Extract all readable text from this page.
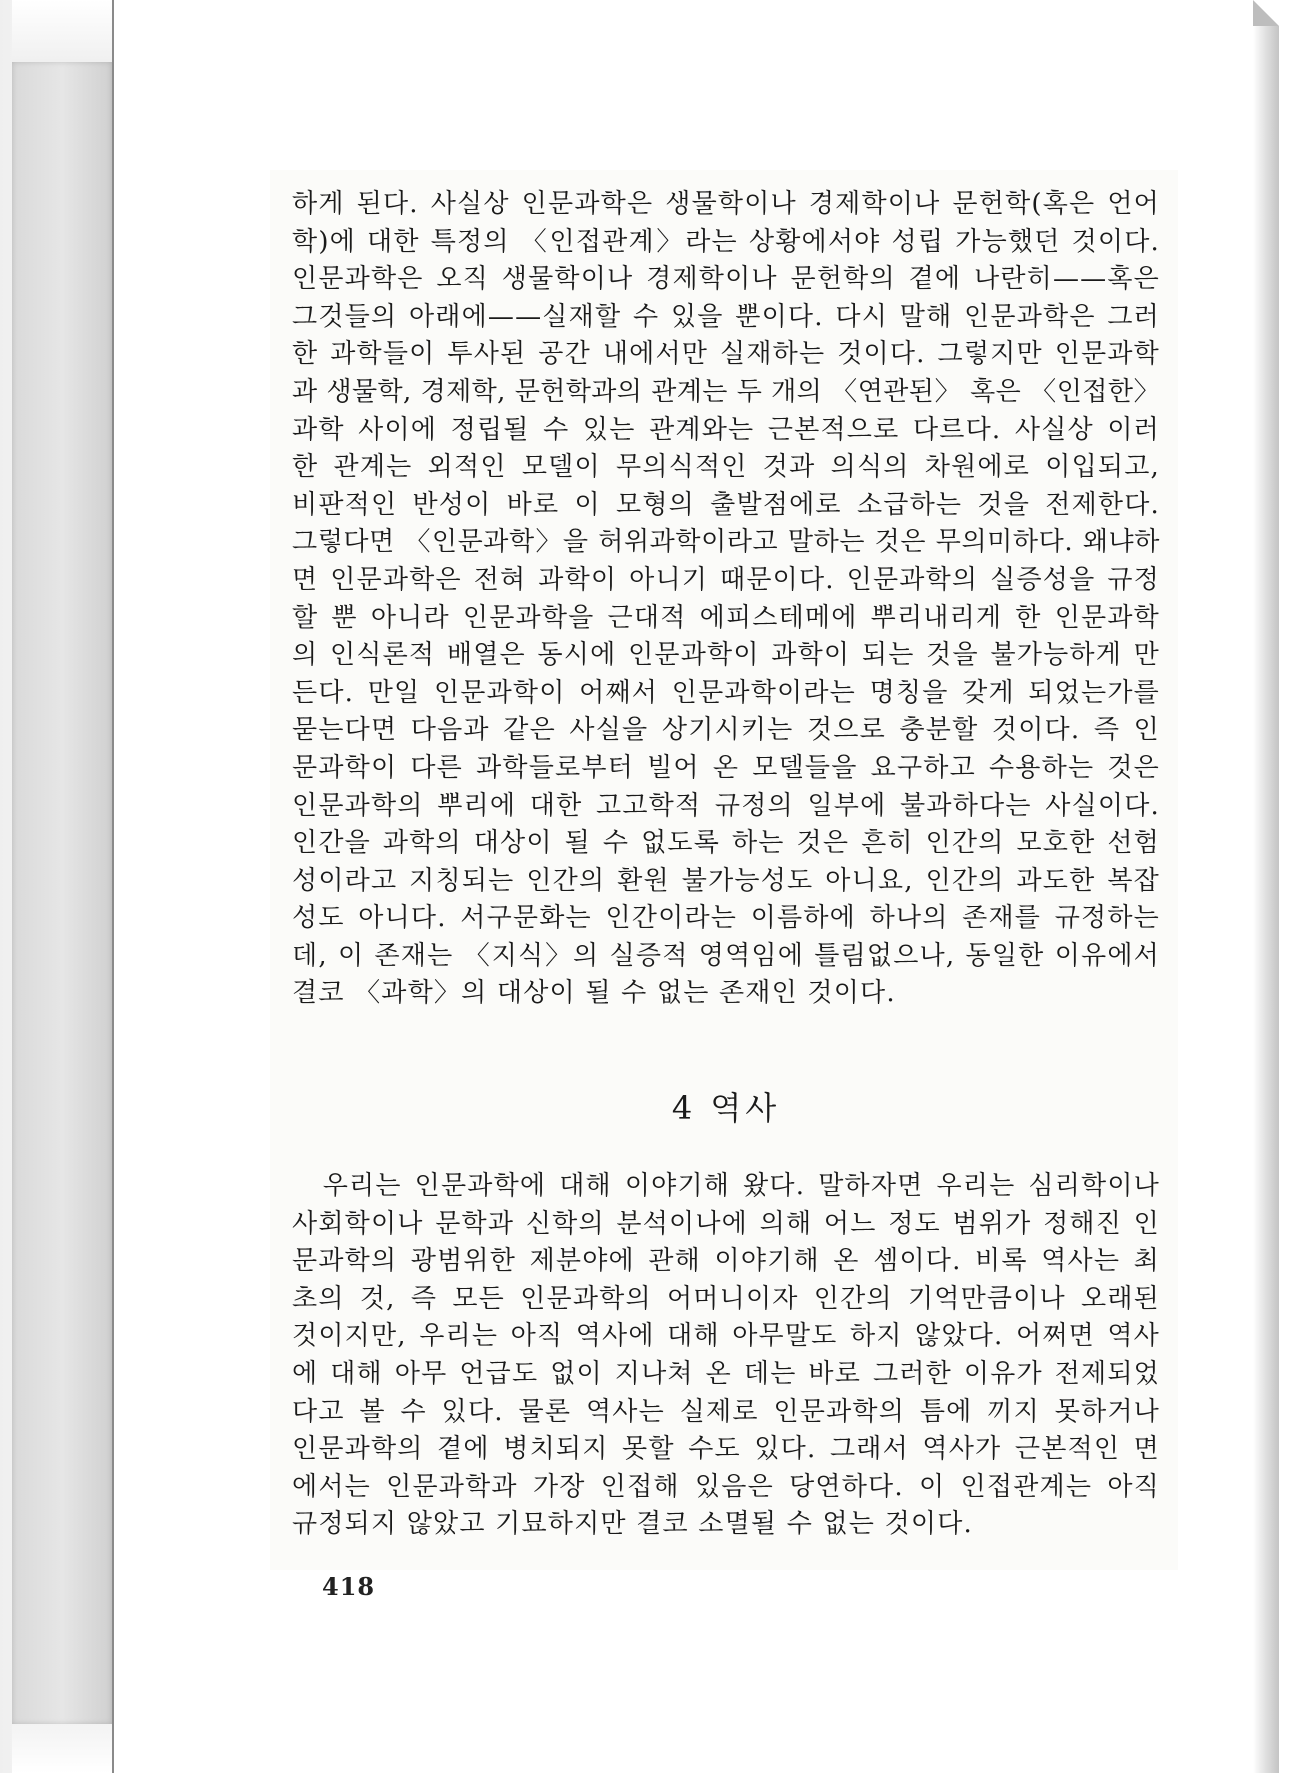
하게 된다. 사실상 인문과학은 생물학이나 경제학이나 문헌학(혹은 언어
학)에 대한 특정의 〈인접관계〉라는 상황에서야 성립 가능했던 것이다.
인문과학은 오직 생물학이나 경제학이나 문헌학의 곁에 나란히——혹은
그것들의 아래에——실재할 수 있을 뿐이다. 다시 말해 인문과학은 그러
한 과학들이 투사된 공간 내에서만 실재하는 것이다. 그렇지만 인문과학
과 생물학, 경제학, 문헌학과의 관계는 두 개의 〈연관된〉 혹은 〈인접한〉
과학 사이에 정립될 수 있는 관계와는 근본적으로 다르다. 사실상 이러
한 관계는 외적인 모델이 무의식적인 것과 의식의 차원에로 이입되고,
비판적인 반성이 바로 이 모형의 출발점에로 소급하는 것을 전제한다.
그렇다면 〈인문과학〉을 허위과학이라고 말하는 것은 무의미하다. 왜냐하
면 인문과학은 전혀 과학이 아니기 때문이다. 인문과학의 실증성을 규정
할 뿐 아니라 인문과학을 근대적 에피스테메에 뿌리내리게 한 인문과학
의 인식론적 배열은 동시에 인문과학이 과학이 되는 것을 불가능하게 만
든다. 만일 인문과학이 어째서 인문과학이라는 명칭을 갖게 되었는가를
묻는다면 다음과 같은 사실을 상기시키는 것으로 충분할 것이다. 즉 인
문과학이 다른 과학들로부터 빌어 온 모델들을 요구하고 수용하는 것은
인문과학의 뿌리에 대한 고고학적 규정의 일부에 불과하다는 사실이다.
인간을 과학의 대상이 될 수 없도록 하는 것은 흔히 인간의 모호한 선험
성이라고 지칭되는 인간의 환원 불가능성도 아니요, 인간의 과도한 복잡
성도 아니다. 서구문화는 인간이라는 이름하에 하나의 존재를 규정하는
데, 이 존재는 〈지식〉의 실증적 영역임에 틀림없으나, 동일한 이유에서
결코 〈과학〉의 대상이 될 수 없는 존재인 것이다.
4 역사
　우리는 인문과학에 대해 이야기해 왔다. 말하자면 우리는 심리학이나
사회학이나 문학과 신학의 분석이나에 의해 어느 정도 범위가 정해진 인
문과학의 광범위한 제분야에 관해 이야기해 온 셈이다. 비록 역사는 최
초의 것, 즉 모든 인문과학의 어머니이자 인간의 기억만큼이나 오래된
것이지만, 우리는 아직 역사에 대해 아무말도 하지 않았다. 어쩌면 역사
에 대해 아무 언급도 없이 지나쳐 온 데는 바로 그러한 이유가 전제되었
다고 볼 수 있다. 물론 역사는 실제로 인문과학의 틈에 끼지 못하거나
인문과학의 곁에 병치되지 못할 수도 있다. 그래서 역사가 근본적인 면
에서는 인문과학과 가장 인접해 있음은 당연하다. 이 인접관계는 아직
규정되지 않았고 기묘하지만 결코 소멸될 수 없는 것이다.
418
